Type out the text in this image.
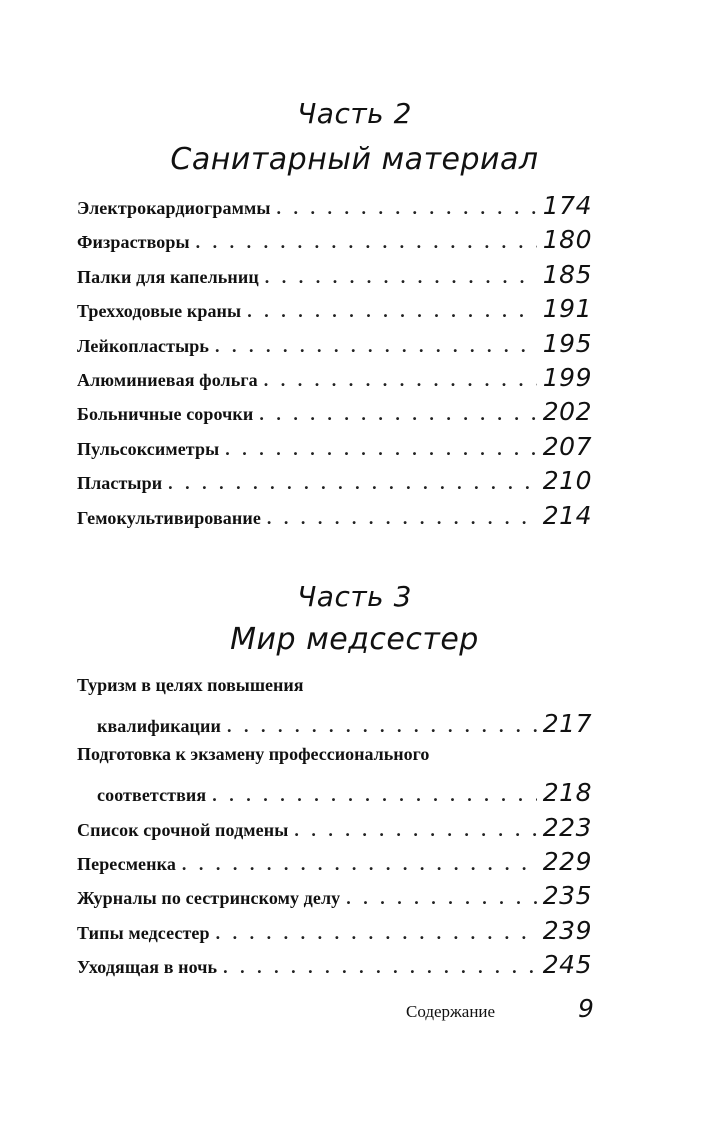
Часть 2
Санитарный материал
Электрокардиограммы . . .	174
Физрастворы . . .	180
Палки для капельниц . . .	185
Трехходовые краны . . .	191
Лейкопластырь . . .	195
Алюминиевая фольга . . .	199
Больничные сорочки . . .	202
Пульсоксиметры . . .	207
Пластыри . . .	210
Гемокультивирование . . .	214
Часть 3
Мир медсестер
Туризм в целях повышения
квалификации . . .	217
Подготовка к экзамену профессионального
соответствия . . .	218
Список срочной подмены . . .	223
Пересменка . . .	229
Журналы по сестринскому делу . . .	235
Типы медсестер . . .	239
Уходящая в ночь . . .	245
Содержание	9
